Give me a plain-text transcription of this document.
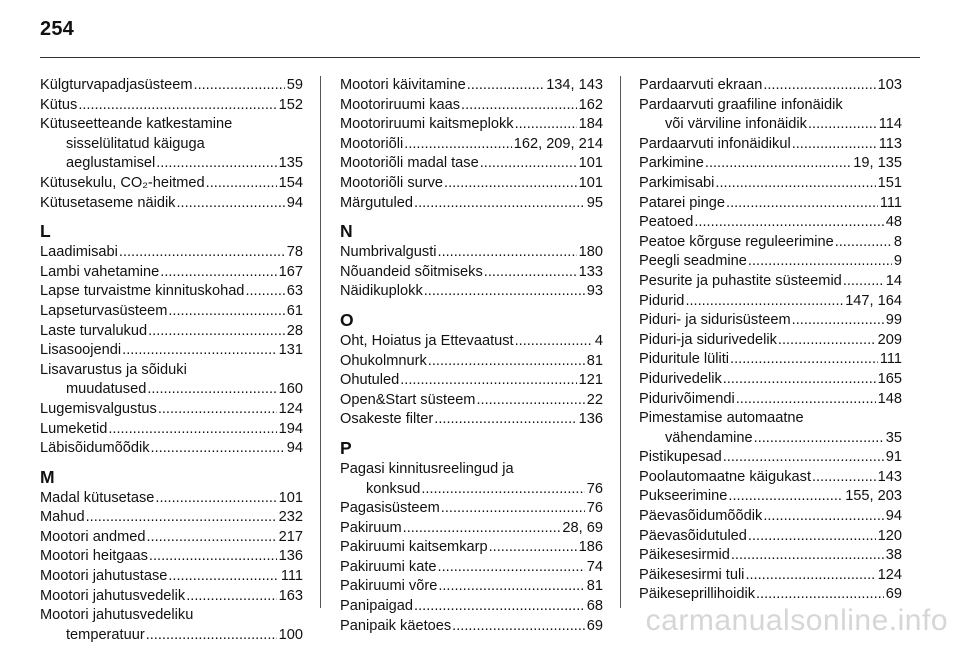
254
Külgturvapadjasüsteem .....	59
Kütus .....	152
Kütuseetteande katkestamine
sisselülitatud käiguga
aeglustamisel .....	135
Kütusekulu, CO₂-heitmed .....	154
Kütusetaseme näidik .....	94
L
Laadimisabi .....	78
Lambi vahetamine .....	167
Lapse turvaistme kinnituskohad .....	63
Lapseturvasüsteem .....	61
Laste turvalukud .....	28
Lisasoojendi .....	131
Lisavarustus ja sõiduki
muudatused .....	160
Lugemisvalgustus .....	124
Lumeketid .....	194
Läbisõidumõõdik .....	94
M
Madal kütusetase .....	101
Mahud .....	232
Mootori andmed .....	217
Mootori heitgaas .....	136
Mootori jahutustase .....	111
Mootori jahutusvedelik .....	163
Mootori jahutusvedeliku
temperatuur .....	100
Mootori käivitamine .....	134, 143
Mootoriruumi kaas .....	162
Mootoriruumi kaitsmeplokk .....	184
Mootoriõli .....	162, 209, 214
Mootoriõli madal tase .....	101
Mootoriõli surve .....	101
Märgutuled .....	95
N
Numbrivalgusti .....	180
Nõuandeid sõitmiseks .....	133
Näidikuplokk .....	93
O
Oht, Hoiatus ja Ettevaatust .....	4
Ohukolmnurk .....	81
Ohutuled .....	121
Open&Start süsteem .....	22
Osakeste filter .....	136
P
Pagasi kinnitusreelingud ja
konksud .....	76
Pagasisüsteem .....	76
Pakiruum .....	28, 69
Pakiruumi kaitsemkarp .....	186
Pakiruumi kate .....	74
Pakiruumi võre .....	81
Panipaigad .....	68
Panipaik käetoes .....	69
Pardaarvuti ekraan .....	103
Pardaarvuti graafiline infonäidik
või värviline infonäidik .....	114
Pardaarvuti infonäidikul .....	113
Parkimine .....	19, 135
Parkimisabi .....	151
Patarei pinge .....	111
Peatoed .....	48
Peatoe kõrguse reguleerimine .....	8
Peegli seadmine .....	9
Pesurite ja puhastite süsteemid .....	14
Pidurid .....	147, 164
Piduri- ja sidurisüsteem .....	99
Piduri-ja sidurivedelik .....	209
Piduritule lüliti .....	111
Pidurivedelik .....	165
Pidurivõimendi .....	148
Pimestamise automaatne
vähendamine .....	35
Pistikupesad .....	91
Poolautomaatne käigukast .....	143
Pukseerimine .....	155, 203
Päevasõidumõõdik .....	94
Päevasõidutuled .....	120
Päikesesirmid .....	38
Päikesesirmi tuli .....	124
Päikeseprillihoidik .....	69
carmanualsonline.info
